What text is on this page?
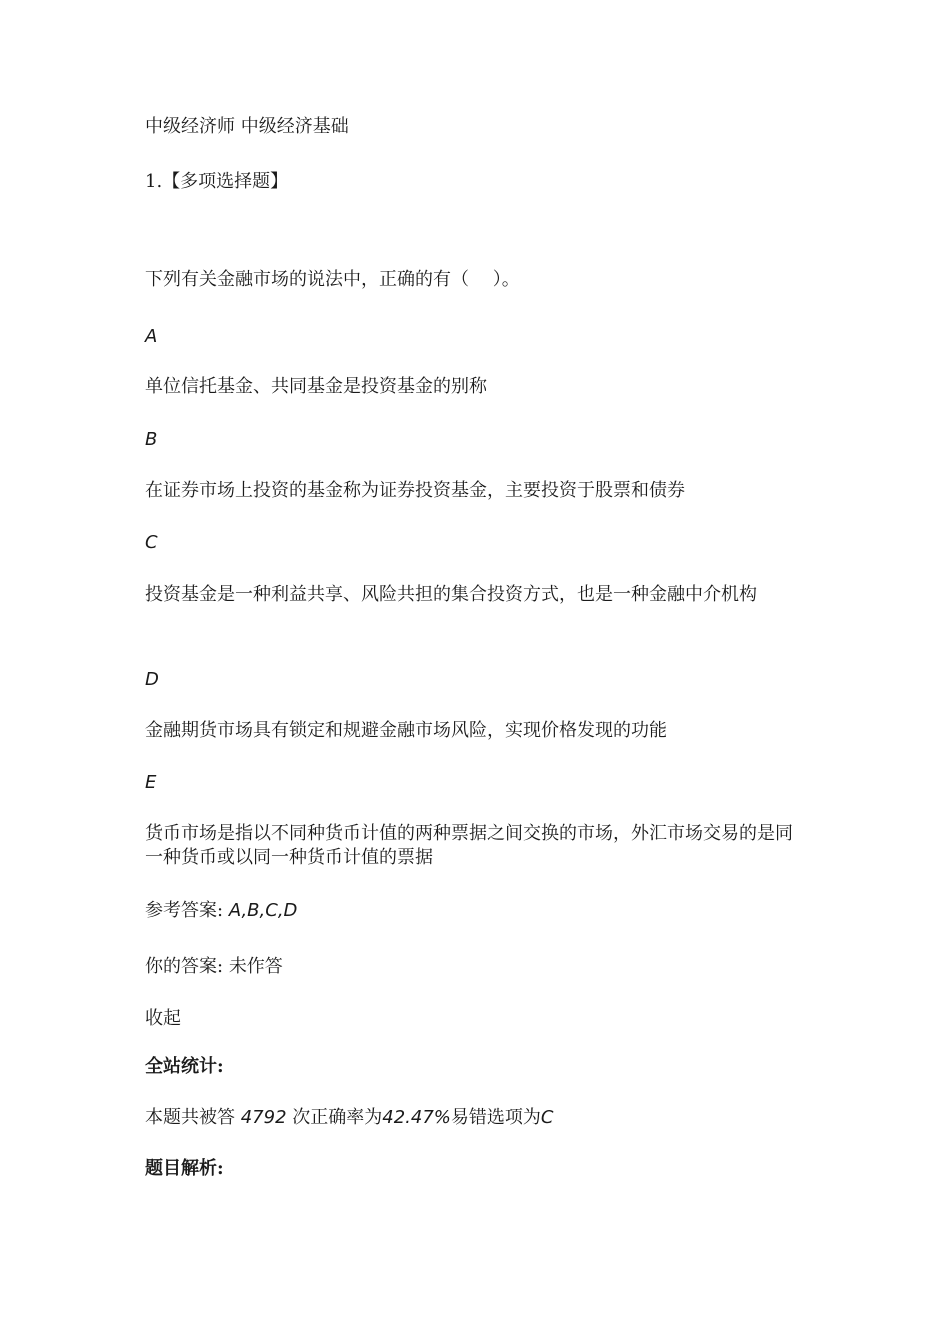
中级经济师 中级经济基础
1.【多项选择题】
下列有关金融市场的说法中，正确的有（　 ）。
A
单位信托基金、共同基金是投资基金的别称
B
在证券市场上投资的基金称为证券投资基金，主要投资于股票和债券
C
投资基金是一种利益共享、风险共担的集合投资方式，也是一种金融中介机构
D
金融期货市场具有锁定和规避金融市场风险，实现价格发现的功能
E
货币市场是指以不同种货币计值的两种票据之间交换的市场，外汇市场交易的是同一种货币或以同一种货币计值的票据
参考答案: A,B,C,D
你的答案: 未作答
收起
全站统计:
本题共被答 4792 次正确率为42.47%易错选项为C
题目解析:
